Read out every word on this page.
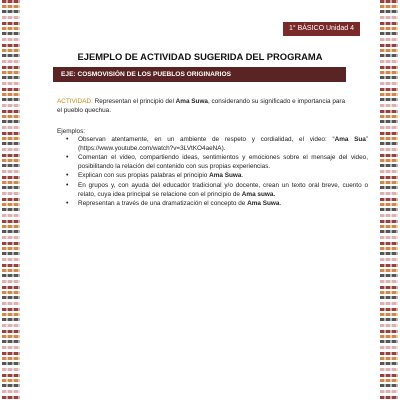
1° BÁSICO Unidad 4
EJEMPLO DE ACTIVIDAD SUGERIDA DEL PROGRAMA
EJE: COSMOVISIÓN DE LOS PUEBLOS ORIGINARIOS
ACTIVIDAD: Representan el principio del Ama Suwa, considerando su significado e importancia para el pueblo quechua.
Ejemplos:
• Observan atentamente, en un ambiente de respeto y cordialidad, el video: “Ama Sua” (https://www.youtube.com/watch?v=3LVtKO4aeNA).
• Comentan el video, compartiendo ideas, sentimientos y emociones sobre el mensaje del video, posibilitando la relación del contenido con sus propias experiencias.
• Explican con sus propias palabras el principio Ama Suwa.
• En grupos y, con ayuda del educador tradicional y/o docente, crean un texto oral breve, cuento o relato, cuya idea principal se relacione con el principio de Ama suwa.
• Representan a través de una dramatización el concepto de Ama Suwa.
